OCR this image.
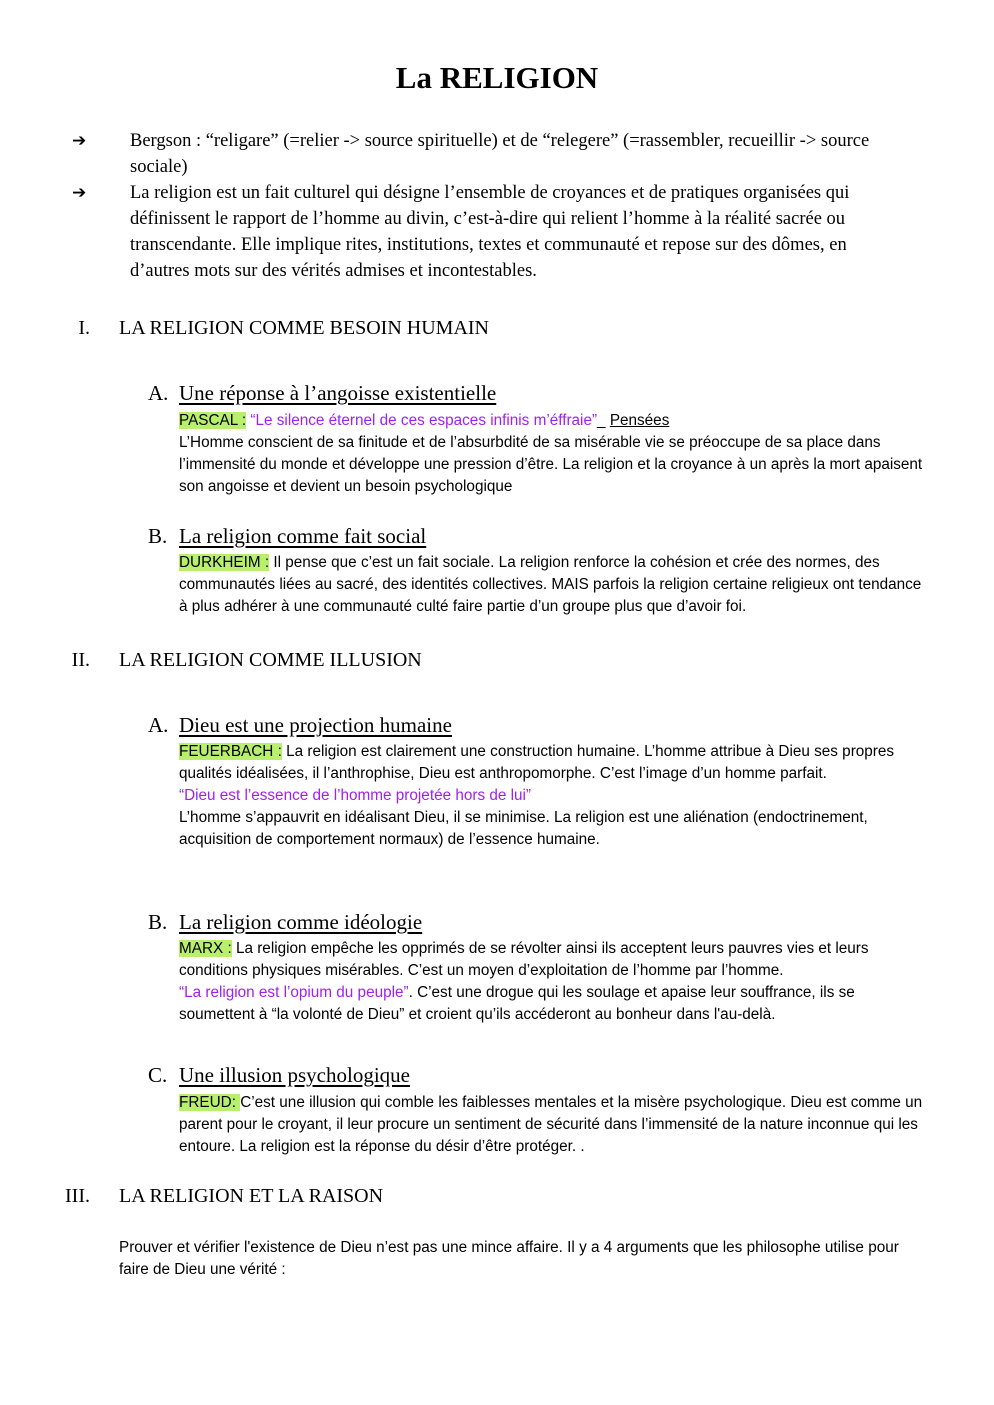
La RELIGION
➔ Bergson : “religare” (=relier -> source spirituelle) et de “relegere” (=rassembler, recueillir -> source sociale)
➔ La religion est un fait culturel qui désigne l’ensemble de croyances et de pratiques organisées qui définissent le rapport de l’homme au divin, c’est-à-dire qui relient l’homme à la réalité sacrée ou transcendante. Elle implique rites, institutions, textes et communauté et repose sur des dômes, en d’autres mots sur des vérités admises et incontestables.
I. LA RELIGION COMME BESOIN HUMAIN
A. Une réponse à l’angoisse existentielle

PASCAL : “Le silence éternel de ces espaces infinis m’éffraie”_ Pensées

L’Homme conscient de sa finitude et de l’absurbdité de sa misérable vie se préoccupe de sa place dans l’immensité du monde et développe une pression d’être. La religion et la croyance à un après la mort apaisent son angoisse et devient un besoin psychologique

B. La religion comme fait social

DURKHEIM : Il pense que c’est un fait sociale. La religion renforce la cohésion et crée des normes, des communautés liées au sacré, des identités collectives. MAIS parfois la religion certaine religieux ont tendance à plus adhérer à une communauté culté faire partie d’un groupe plus que d’avoir foi.

II. LA RELIGION COMME ILLUSION
A. Dieu est une projection humaine

FEUERBACH : La religion est clairement une construction humaine. L’homme attribue à Dieu ses propres qualités idéalisées, il l’anthrophise, Dieu est anthropomorphe. C’est l’image d’un homme parfait.

“Dieu est l’essence de l’homme projetée hors de lui”

L’homme s’appauvrit en idéalisant Dieu, il se minimise. La religion est une aliénation (endoctrinement, acquisition de comportement normaux) de l’essence humaine.

B. La religion comme idéologie

MARX : La religion empêche les opprimés de se révolter ainsi ils acceptent leurs pauvres vies et leurs conditions physiques misérables. C’est un moyen d’exploitation de l’homme par l’homme.

“La religion est l’opium du peuple”. C’est une drogue qui les soulage et apaise leur souffrance, ils se soumettent à “la volonté de Dieu” et croient qu’ils accéderont au bonheur dans l'au-delà.

C. Une illusion psychologique

FREUD: C’est une illusion qui comble les faiblesses mentales et la misère psychologique. Dieu est comme un parent pour le croyant, il leur procure un sentiment de sécurité dans l’immensité de la nature inconnue qui les entoure. La religion est la réponse du désir d’être protéger. .

III. LA RELIGION ET LA RAISON
Prouver et vérifier l'existence de Dieu n’est pas une mince affaire. Il y a 4 arguments que les philosophe utilise pour faire de Dieu une vérité :
